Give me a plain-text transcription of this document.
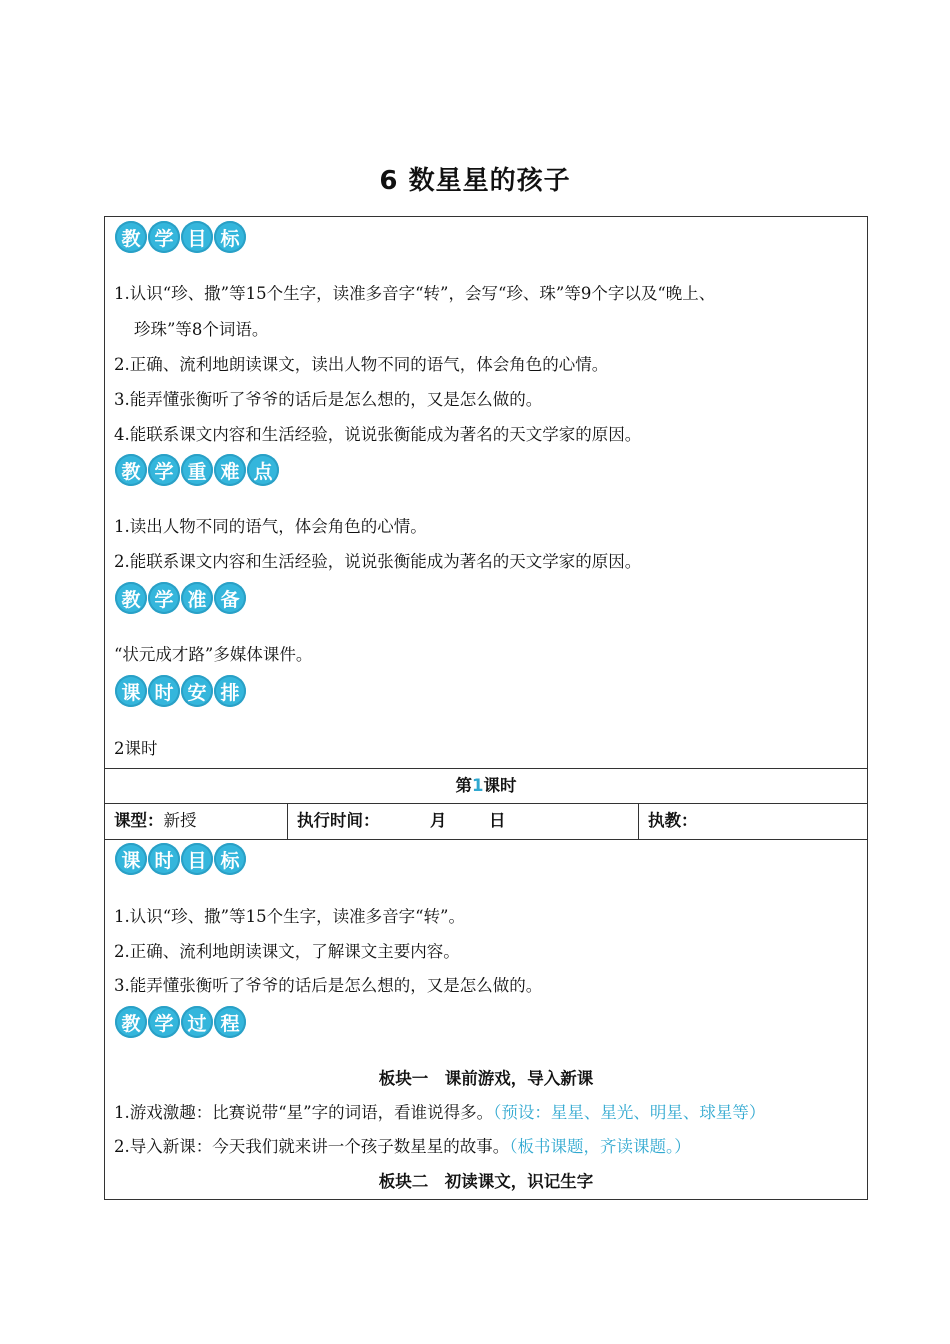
6 数星星的孩子
教 学 目 标
1.认识“珍、撒”等15个生字，读准多音字“转”，会写“珍、珠”等9个字以及“晚上、
珍珠”等8个词语。
2.正确、流利地朗读课文，读出人物不同的语气，体会角色的心情。
3.能弄懂张衡听了爷爷的话后是怎么想的，又是怎么做的。
4.能联系课文内容和生活经验，说说张衡能成为著名的天文学家的原因。
教 学 重 难 点
1.读出人物不同的语气，体会角色的心情。
2.能联系课文内容和生活经验，说说张衡能成为著名的天文学家的原因。
教 学 准 备
“状元成才路”多媒体课件。
课 时 安 排
2课时
第1课时
课型：新授	执行时间：	月	日	执教：
课 时 目 标
1.认识“珍、撒”等15个生字，读准多音字“转”。
2.正确、流利地朗读课文，了解课文主要内容。
3.能弄懂张衡听了爷爷的话后是怎么想的，又是怎么做的。
教 学 过 程
板块一　课前游戏，导入新课
1.游戏激趣：比赛说带“星”字的词语，看谁说得多。（预设：星星、星光、明星、球星等）
2.导入新课：今天我们就来讲一个孩子数星星的故事。（板书课题，齐读课题。）
板块二　初读课文，识记生字
